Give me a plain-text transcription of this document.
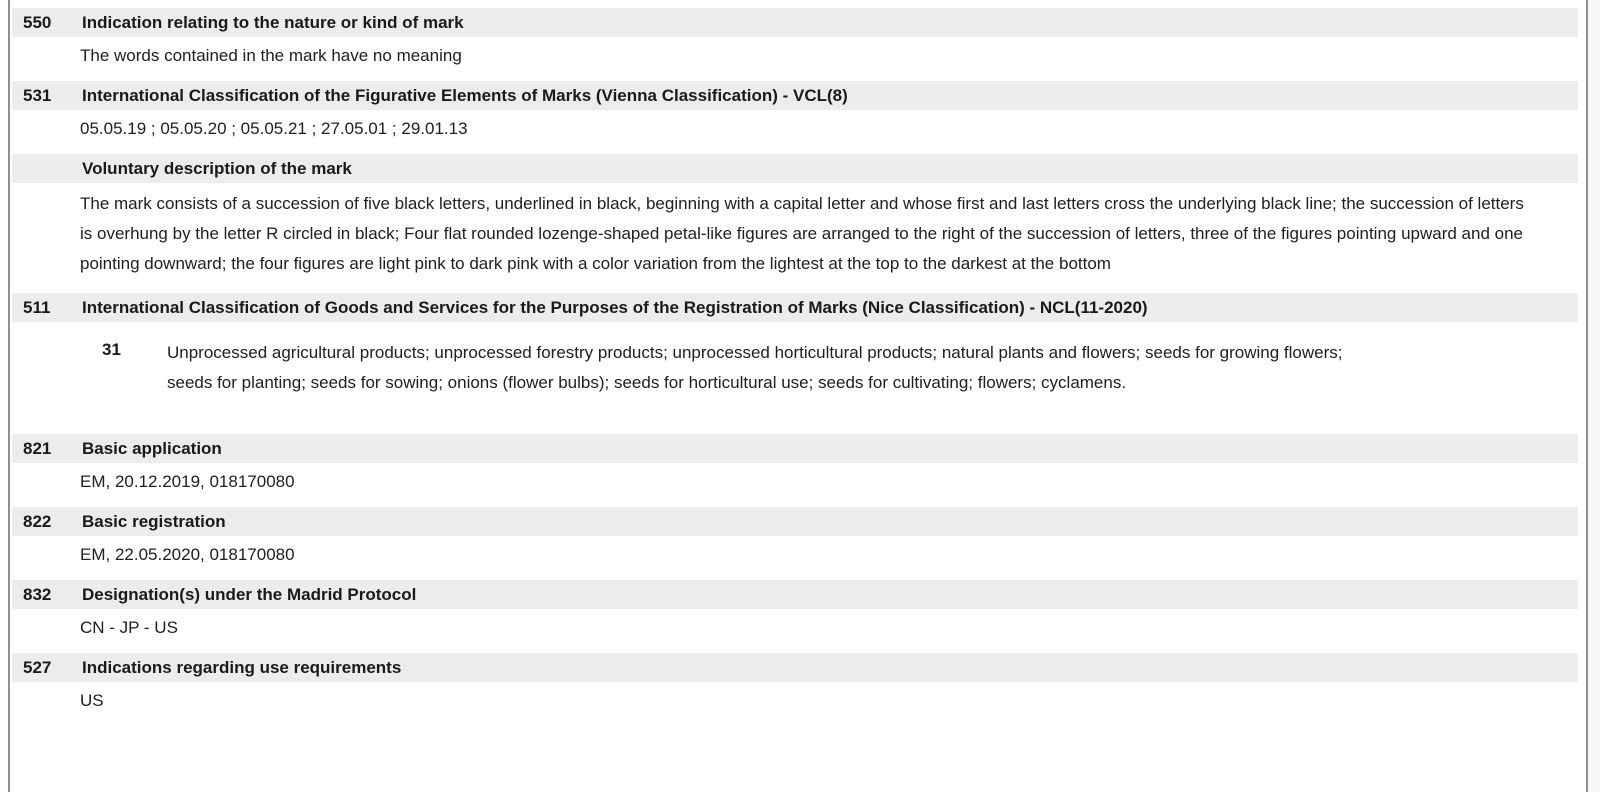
550	Indication relating to the nature or kind of mark
The words contained in the mark have no meaning
531	International Classification of the Figurative Elements of Marks (Vienna Classification) - VCL(8)
05.05.19 ; 05.05.20 ; 05.05.21 ; 27.05.01 ; 29.01.13
Voluntary description of the mark
The mark consists of a succession of five black letters, underlined in black, beginning with a capital letter and whose first and last letters cross the underlying black line; the succession of letters is overhung by the letter R circled in black; Four flat rounded lozenge-shaped petal-like figures are arranged to the right of the succession of letters, three of the figures pointing upward and one pointing downward; the four figures are light pink to dark pink with a color variation from the lightest at the top to the darkest at the bottom
511	International Classification of Goods and Services for the Purposes of the Registration of Marks (Nice Classification) - NCL(11-2020)
31	Unprocessed agricultural products; unprocessed forestry products; unprocessed horticultural products; natural plants and flowers; seeds for growing flowers; seeds for planting; seeds for sowing; onions (flower bulbs); seeds for horticultural use; seeds for cultivating; flowers; cyclamens.
821	Basic application
EM, 20.12.2019, 018170080
822	Basic registration
EM, 22.05.2020, 018170080
832	Designation(s) under the Madrid Protocol
CN - JP - US
527	Indications regarding use requirements
US
